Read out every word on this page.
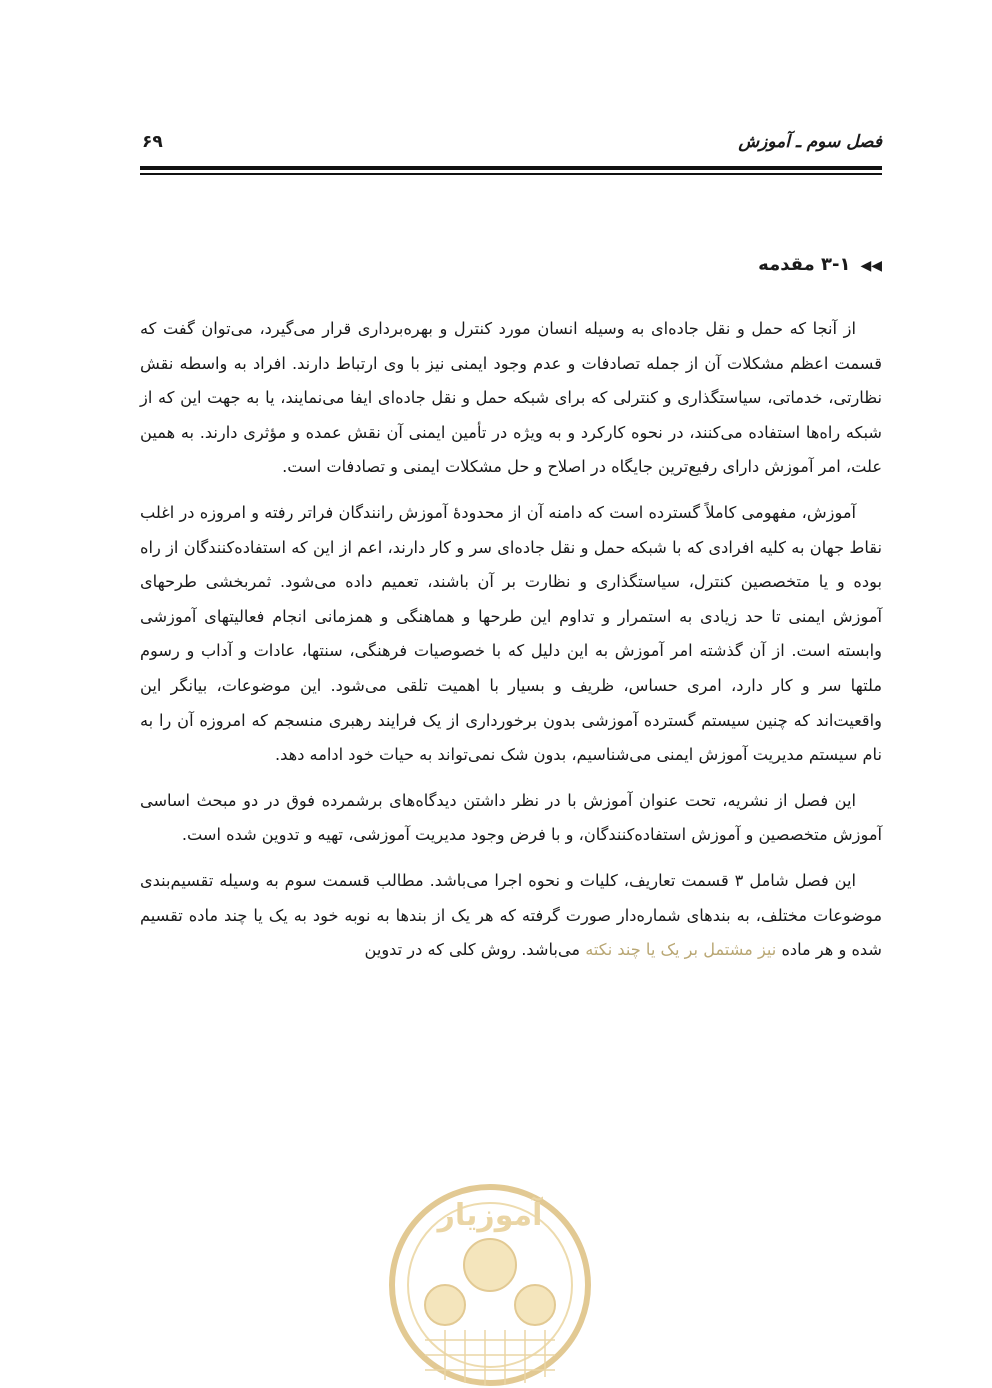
فصل سوم ـ آموزش
۶۹
◀◀۳-۱ مقدمه

از آنجا که حمل و نقل جاده‌ای به وسیله انسان مورد کنترل و بهره‌برداری قرار می‌گیرد، می‌توان گفت که قسمت اعظم مشکلات آن از جمله تصادفات و عدم وجود ایمنی نیز با وی ارتباط دارند. افراد به واسطه نقش نظارتی، خدماتی، سیاستگذاری و کنترلی که برای شبکه حمل و نقل جاده‌ای ایفا می‌نمایند، یا به جهت این که از شبکه راه‌ها استفاده می‌کنند، در نحوه کارکرد و به ویژه در تأمین ایمنی آن نقش عمده و مؤثری دارند. به همین علت، امر آموزش دارای رفیع‌ترین جایگاه در اصلاح و حل مشکلات ایمنی و تصادفات است.

آموزش، مفهومی کاملاً گسترده است که دامنه آن از محدودهٔ آموزش رانندگان فراتر رفته و امروزه در اغلب نقاط جهان به کلیه افرادی که با شبکه حمل و نقل جاده‌ای سر و کار دارند، اعم از این که استفاده‌کنندگان از راه بوده و یا متخصصین کنترل، سیاستگذاری و نظارت بر آن باشند، تعمیم داده می‌شود. ثمربخشی طرحهای آموزش ایمنی تا حد زیادی به استمرار و تداوم این طرحها و هماهنگی و همزمانی انجام فعالیتهای آموزشی وابسته است. از آن گذشته امر آموزش به این دلیل که با خصوصیات فرهنگی، سنتها، عادات و آداب و رسوم ملتها سر و کار دارد، امری حساس، ظریف و بسیار با اهمیت تلقی می‌شود. این موضوعات، بیانگر این واقعیت‌اند که چنین سیستم گسترده آموزشی بدون برخورداری از یک فرایند رهبری منسجم که امروزه آن را به نام سیستم مدیریت آموزش ایمنی می‌شناسیم، بدون شک نمی‌تواند به حیات خود ادامه دهد.

این فصل از نشریه، تحت عنوان آموزش با در نظر داشتن دیدگاه‌های برشمرده فوق در دو مبحث اساسی آموزش متخصصین و آموزش استفاده‌کنندگان، و با فرض وجود مدیریت آموزشی، تهیه و تدوین شده است.

این فصل شامل ۳ قسمت تعاریف، کلیات و نحوه اجرا می‌باشد. مطالب قسمت سوم به وسیله تقسیم‌بندی موضوعات مختلف، به بندهای شماره‌دار صورت گرفته که هر یک از بندها به نوبه خود به یک یا چند ماده تقسیم شده و هر ماده نیز مشتمل بر یک یا چند نکته می‌باشد. روش کلی که در تدوین

آموزیار
